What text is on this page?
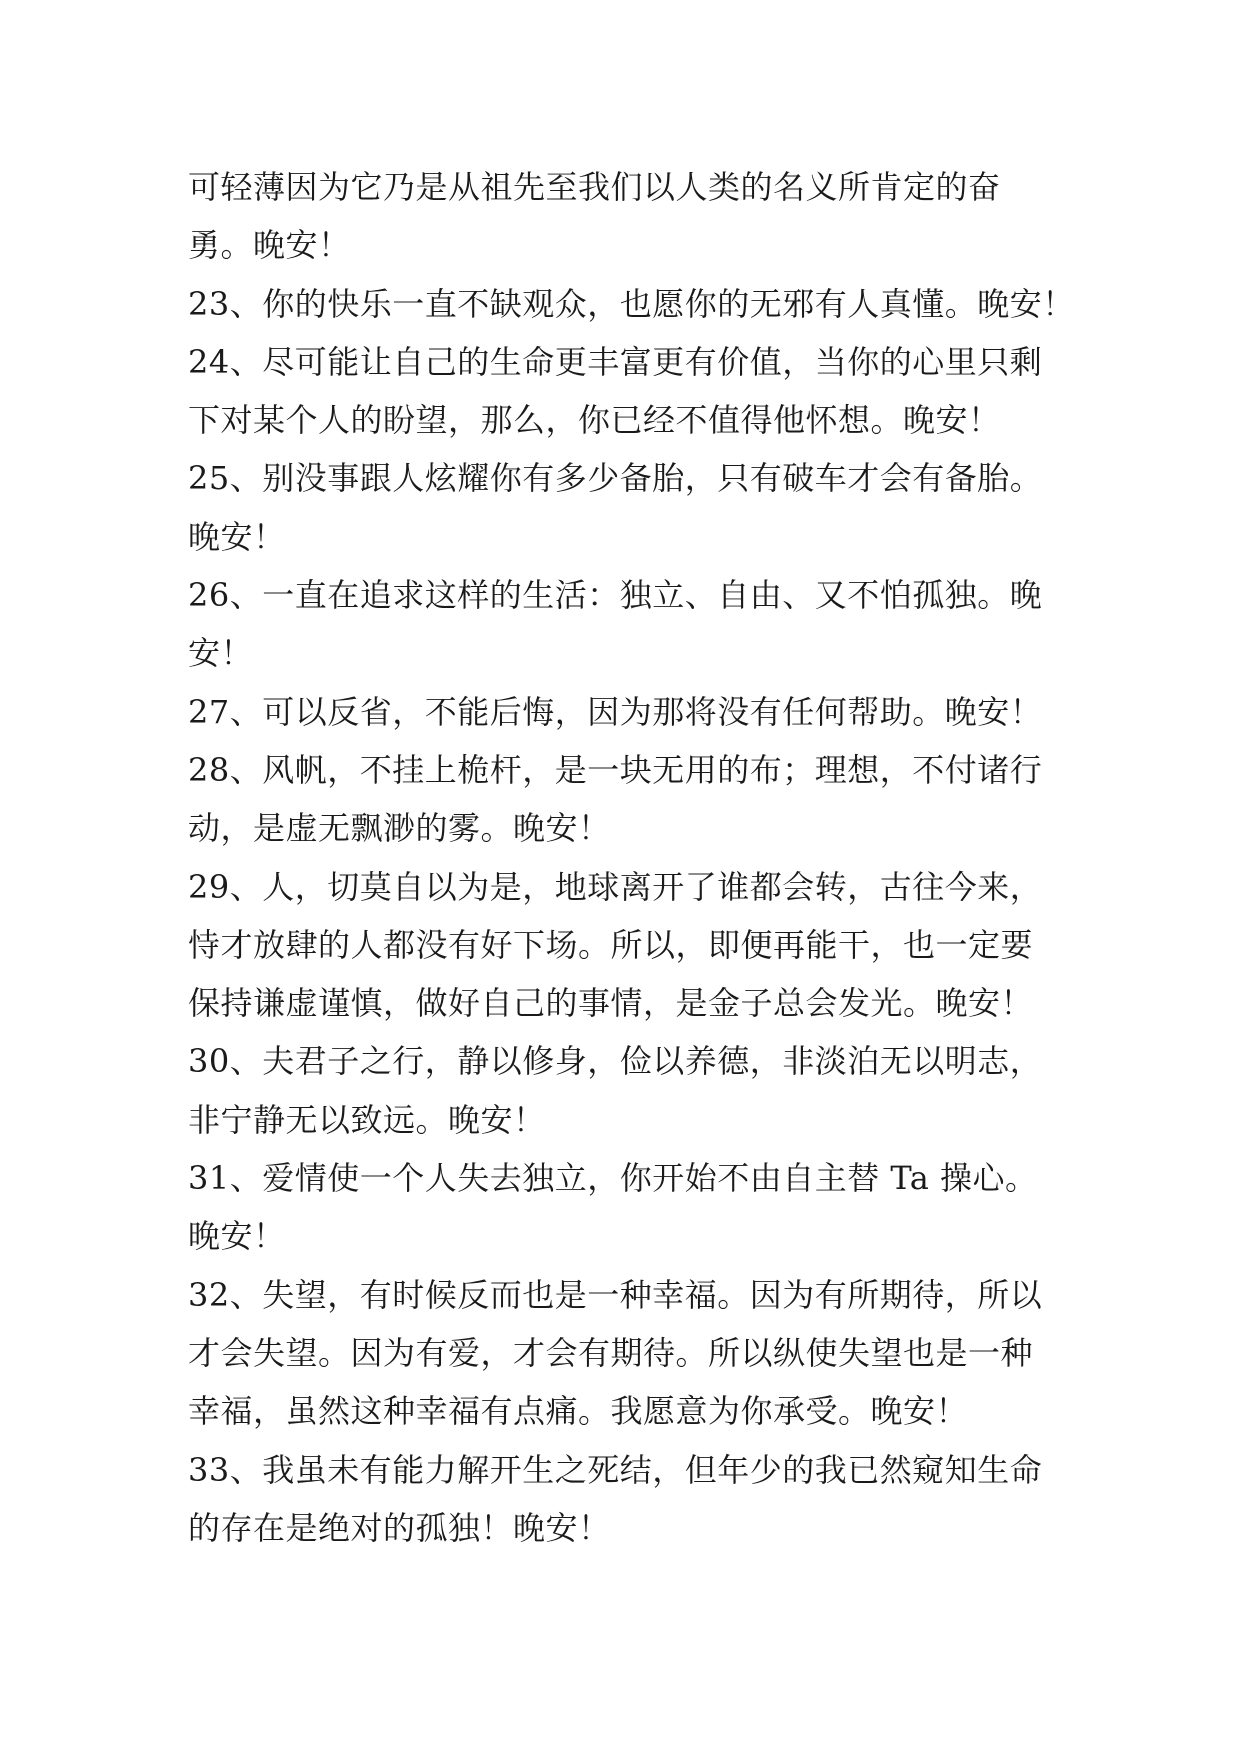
可轻薄因为它乃是从祖先至我们以人类的名义所肯定的奋
勇。晚安！
23、你的快乐一直不缺观众，也愿你的无邪有人真懂。晚安！
24、尽可能让自己的生命更丰富更有价值，当你的心里只剩
下对某个人的盼望，那么，你已经不值得他怀想。晚安！
25、别没事跟人炫耀你有多少备胎，只有破车才会有备胎。
晚安！
26、一直在追求这样的生活：独立、自由、又不怕孤独。晚
安！
27、可以反省，不能后悔，因为那将没有任何帮助。晚安！
28、风帆，不挂上桅杆，是一块无用的布；理想，不付诸行
动，是虚无飘渺的雾。晚安！
29、人，切莫自以为是，地球离开了谁都会转，古往今来，
恃才放肆的人都没有好下场。所以，即便再能干，也一定要
保持谦虚谨慎，做好自己的事情，是金子总会发光。晚安！
30、夫君子之行，静以修身，俭以养德，非淡泊无以明志，
非宁静无以致远。晚安！
31、爱情使一个人失去独立，你开始不由自主替 Ta 操心。
晚安！
32、失望，有时候反而也是一种幸福。因为有所期待，所以
才会失望。因为有爱，才会有期待。所以纵使失望也是一种
幸福，虽然这种幸福有点痛。我愿意为你承受。晚安！
33、我虽未有能力解开生之死结，但年少的我已然窥知生命
的存在是绝对的孤独！晚安！
